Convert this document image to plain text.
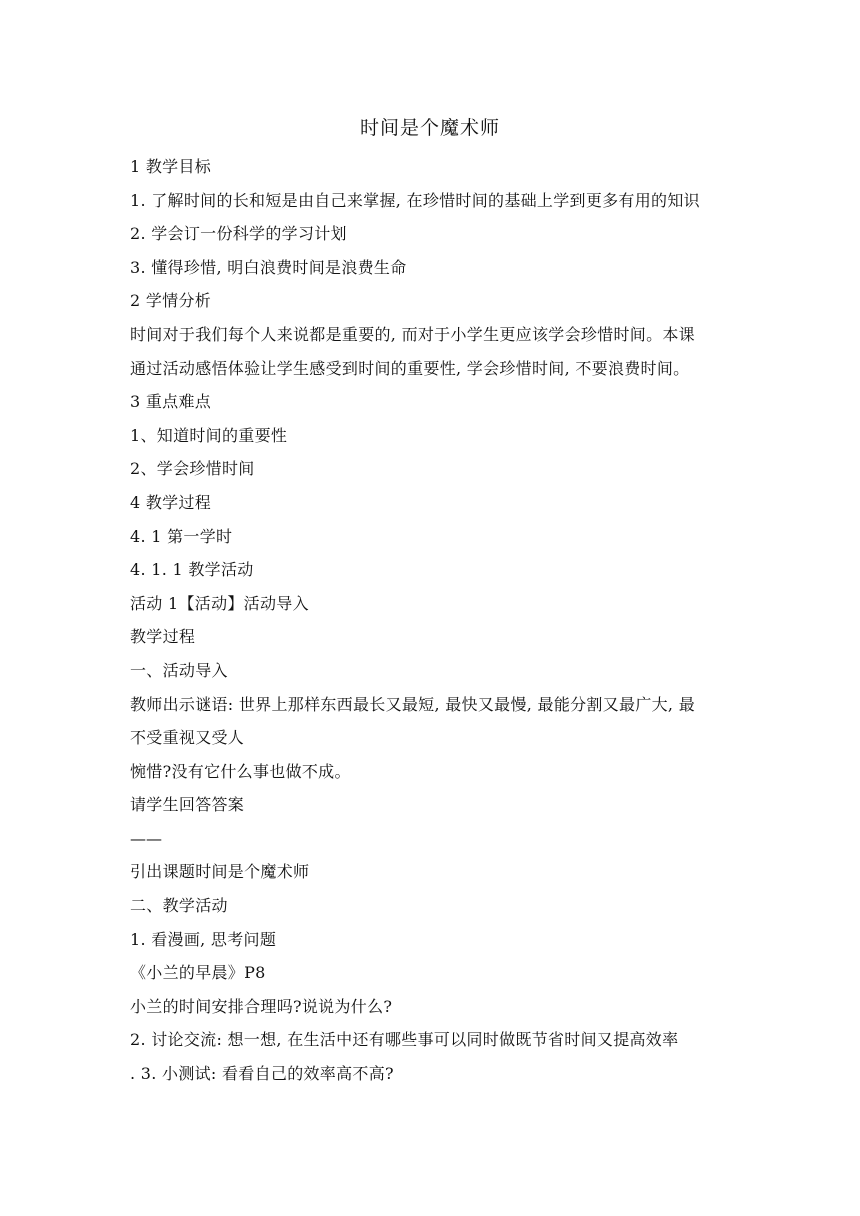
时间是个魔术师
1 教学目标
1. 了解时间的长和短是由自己来掌握, 在珍惜时间的基础上学到更多有用的知识
2. 学会订一份科学的学习计划
3. 懂得珍惜, 明白浪费时间是浪费生命
2 学情分析
时间对于我们每个人来说都是重要的, 而对于小学生更应该学会珍惜时间。本课
通过活动感悟体验让学生感受到时间的重要性, 学会珍惜时间, 不要浪费时间。
3 重点难点
1、知道时间的重要性
2、学会珍惜时间
4 教学过程
4. 1 第一学时
4. 1. 1 教学活动
活动 1【活动】活动导入
教学过程
一、活动导入
教师出示谜语: 世界上那样东西最长又最短, 最快又最慢, 最能分割又最广大, 最
不受重视又受人
惋惜?没有它什么事也做不成。
请学生回答答案
——
引出课题时间是个魔术师
二、教学活动
1. 看漫画, 思考问题
《小兰的早晨》P8
小兰的时间安排合理吗?说说为什么?
2. 讨论交流: 想一想, 在生活中还有哪些事可以同时做既节省时间又提高效率
. 3. 小测试: 看看自己的效率高不高?
